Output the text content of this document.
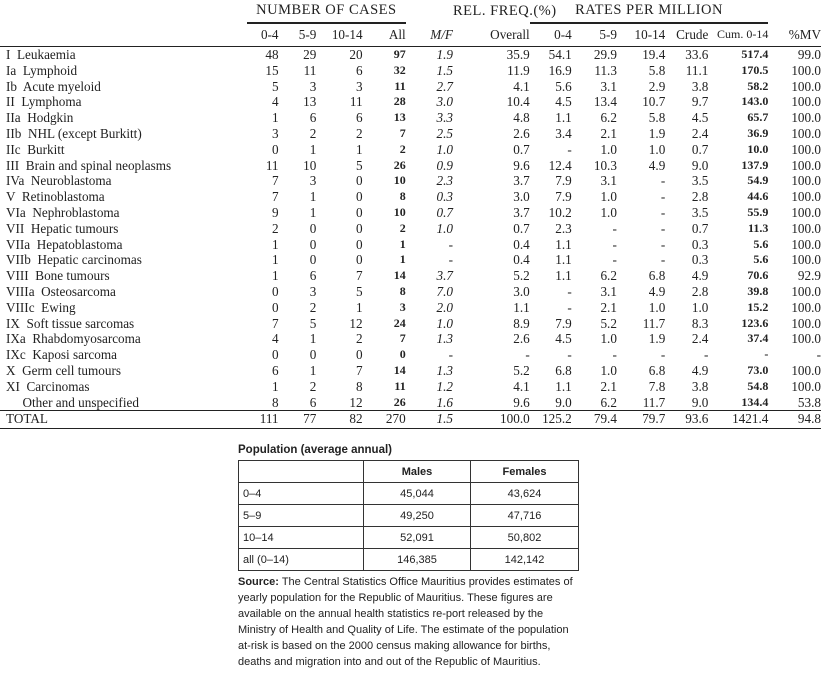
	NUMBER OF CASES					REL. FREQ.(%)	RATES PER MILLION					
	0-4	5-9	10-14	All	M/F	Overall	0-4	5-9	10-14	Crude	Cum. 0-14	%MV
I  Leukaemia	48	29	20	97	1.9	35.9	54.1	29.9	19.4	33.6	517.4	99.0
Ia  Lymphoid	15	11	6	32	1.5	11.9	16.9	11.3	5.8	11.1	170.5	100.0
Ib  Acute myeloid	5	3	3	11	2.7	4.1	5.6	3.1	2.9	3.8	58.2	100.0
II  Lymphoma	4	13	11	28	3.0	10.4	4.5	13.4	10.7	9.7	143.0	100.0
IIa  Hodgkin	1	6	6	13	3.3	4.8	1.1	6.2	5.8	4.5	65.7	100.0
IIb  NHL (except Burkitt)	3	2	2	7	2.5	2.6	3.4	2.1	1.9	2.4	36.9	100.0
IIc  Burkitt	0	1	1	2	1.0	0.7	-	1.0	1.0	0.7	10.0	100.0
III  Brain and spinal neoplasms	11	10	5	26	0.9	9.6	12.4	10.3	4.9	9.0	137.9	100.0
IVa  Neuroblastoma	7	3	0	10	2.3	3.7	7.9	3.1	-	3.5	54.9	100.0
V  Retinoblastoma	7	1	0	8	0.3	3.0	7.9	1.0	-	2.8	44.6	100.0
VIa  Nephroblastoma	9	1	0	10	0.7	3.7	10.2	1.0	-	3.5	55.9	100.0
VII  Hepatic tumours	2	0	0	2	1.0	0.7	2.3	-	-	0.7	11.3	100.0
VIIa  Hepatoblastoma	1	0	0	1	-	0.4	1.1	-	-	0.3	5.6	100.0
VIIb  Hepatic carcinomas	1	0	0	1	-	0.4	1.1	-	-	0.3	5.6	100.0
VIII  Bone tumours	1	6	7	14	3.7	5.2	1.1	6.2	6.8	4.9	70.6	92.9
VIIIa  Osteosarcoma	0	3	5	8	7.0	3.0	-	3.1	4.9	2.8	39.8	100.0
VIIIc  Ewing	0	2	1	3	2.0	1.1	-	2.1	1.0	1.0	15.2	100.0
IX  Soft tissue sarcomas	7	5	12	24	1.0	8.9	7.9	5.2	11.7	8.3	123.6	100.0
IXa  Rhabdomyosarcoma	4	1	2	7	1.3	2.6	4.5	1.0	1.9	2.4	37.4	100.0
IXc  Kaposi sarcoma	0	0	0	0	-	-	-	-	-	-	-	-
X  Germ cell tumours	6	1	7	14	1.3	5.2	6.8	1.0	6.8	4.9	73.0	100.0
XI  Carcinomas	1	2	8	11	1.2	4.1	1.1	2.1	7.8	3.8	54.8	100.0
Other and unspecified	8	6	12	26	1.6	9.6	9.0	6.2	11.7	9.0	134.4	53.8
TOTAL	111	77	82	270	1.5	100.0	125.2	79.4	79.7	93.6	1421.4	94.8
Population (average annual)
	Males	Females
0–4	45,044	43,624
5–9	49,250	47,716
10–14	52,091	50,802
all (0–14)	146,385	142,142
Source: The Central Statistics Office Mauritius provides estimates of yearly population for the Republic of Mauritius. These figures are available on the annual health statistics re-port released by the Ministry of Health and Quality of Life. The estimate of the population at-risk is based on the 2000 census making allowance for births, deaths and migration into and out of the Republic of Mauritius.
